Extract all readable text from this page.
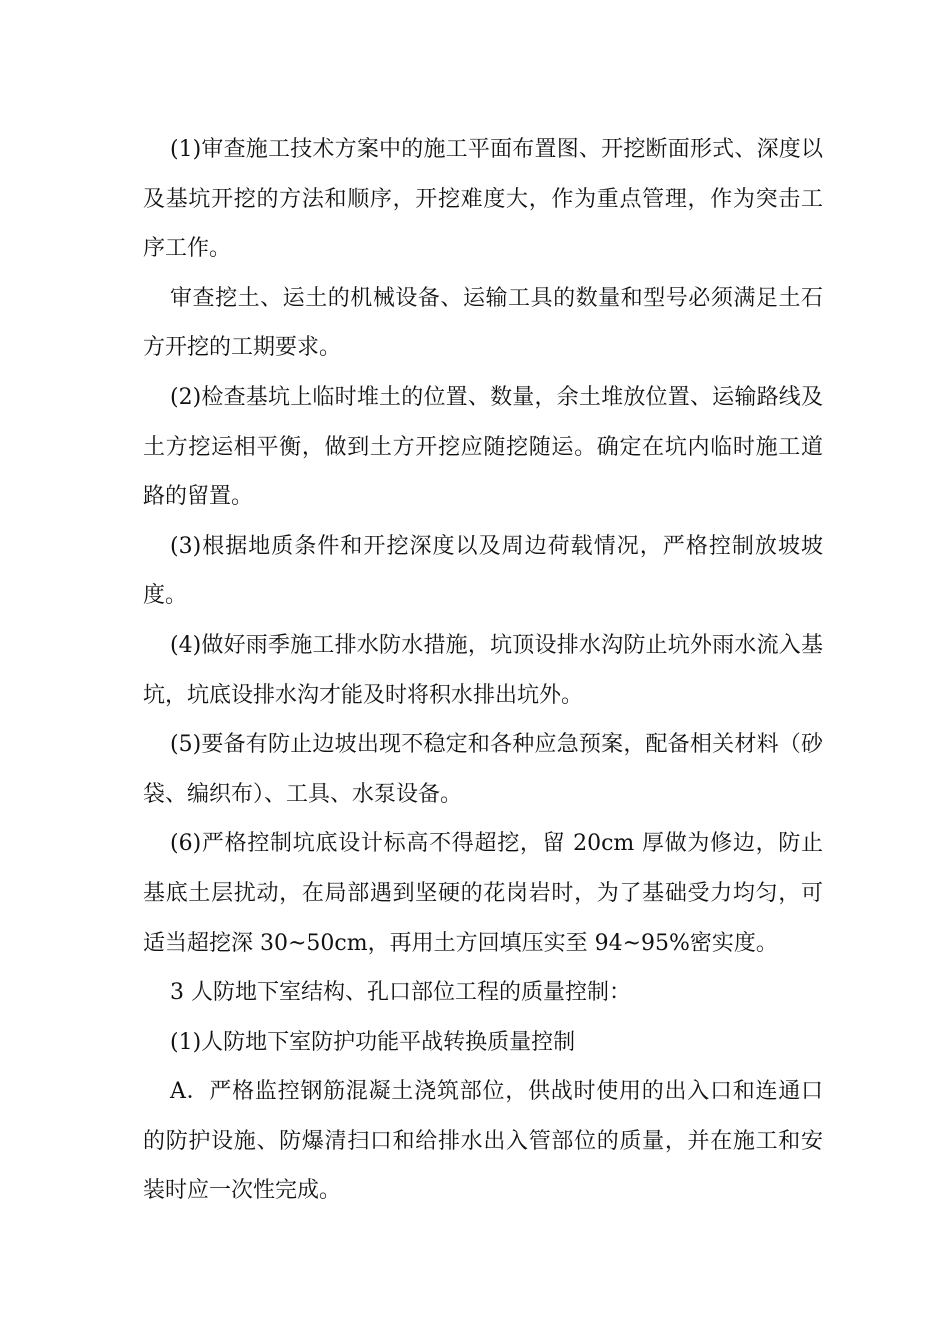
(1)审查施工技术方案中的施工平面布置图、开挖断面形式、深度以及基坑开挖的方法和顺序，开挖难度大，作为重点管理，作为突击工序工作。

审查挖土、运土的机械设备、运输工具的数量和型号必须满足土石方开挖的工期要求。

(2)检查基坑上临时堆土的位置、数量，余土堆放位置、运输路线及土方挖运相平衡，做到土方开挖应随挖随运。确定在坑内临时施工道路的留置。

(3)根据地质条件和开挖深度以及周边荷载情况，严格控制放坡坡度。

(4)做好雨季施工排水防水措施，坑顶设排水沟防止坑外雨水流入基坑，坑底设排水沟才能及时将积水排出坑外。

(5)要备有防止边坡出现不稳定和各种应急预案，配备相关材料（砂袋、编织布）、工具、水泵设备。

(6)严格控制坑底设计标高不得超挖，留 20cm 厚做为修边，防止基底土层扰动，在局部遇到坚硬的花岗岩时，为了基础受力均匀，可适当超挖深 30~50cm，再用土方回填压实至 94~95%密实度。

3 人防地下室结构、孔口部位工程的质量控制：

(1)人防地下室防护功能平战转换质量控制

A．严格监控钢筋混凝土浇筑部位，供战时使用的出入口和连通口的防护设施、防爆清扫口和给排水出入管部位的质量，并在施工和安装时应一次性完成。
